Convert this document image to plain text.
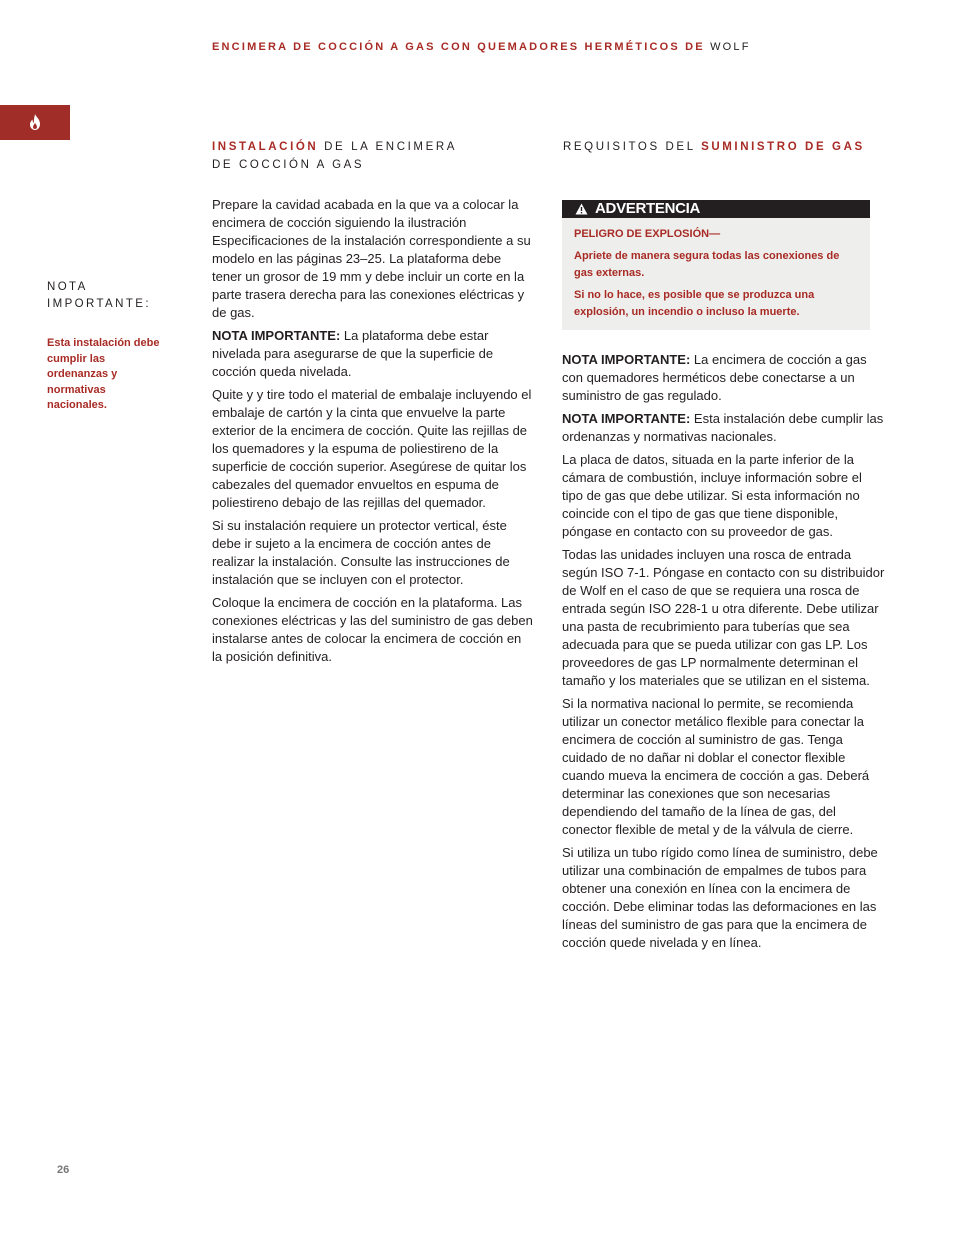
ENCIMERA DE COCCIÓN A GAS CON QUEMADORES HERMÉTICOS DE WOLF
INSTALACIÓN DE LA ENCIMERA
DE COCCIÓN A GAS
REQUISITOS DEL SUMINISTRO DE GAS
NOTA
IMPORTANTE:
Esta instalación debe cumplir las ordenanzas y normativas nacionales.

Prepare la cavidad acabada en la que va a colocar la encimera de cocción siguiendo la ilustración Especificaciones de la instalación correspondiente a su modelo en las páginas 23–25. La plataforma debe tener un grosor de 19 mm y debe incluir un corte en la parte trasera derecha para las conexiones eléctricas y de gas.

NOTA IMPORTANTE: La plataforma debe estar nivelada para asegurarse de que la superficie de cocción queda nivelada.

Quite y y tire todo el material de embalaje incluyendo el embalaje de cartón y la cinta que envuelve la parte exterior de la encimera de cocción. Quite las rejillas de los quemadores y la espuma de poliestireno de la superficie de cocción superior. Asegúrese de quitar los cabezales del quemador envueltos en espuma de poliestireno debajo de las rejillas del quemador.

Si su instalación requiere un protector vertical, éste debe ir sujeto a la encimera de cocción antes de realizar la instalación. Consulte las instrucciones de instalación que se incluyen con el protector.

Coloque la encimera de cocción en la plataforma. Las conexiones eléctricas y las del suministro de gas deben instalarse antes de colocar la encimera de cocción en la posición definitiva.

ADVERTENCIA

PELIGRO DE EXPLOSIÓN—

Apriete de manera segura todas las conexiones de gas externas.

Si no lo hace, es posible que se produzca una explosión, un incendio o incluso la muerte.

NOTA IMPORTANTE: La encimera de cocción a gas con quemadores herméticos debe conectarse a un suministro de gas regulado.

NOTA IMPORTANTE: Esta instalación debe cumplir las ordenanzas y normativas nacionales.

La placa de datos, situada en la parte inferior de la cámara de combustión, incluye información sobre el tipo de gas que debe utilizar. Si esta información no coincide con el tipo de gas que tiene disponible, póngase en contacto con su proveedor de gas.

Todas las unidades incluyen una rosca de entrada según ISO 7-1. Póngase en contacto con su distribuidor de Wolf en el caso de que se requiera una rosca de entrada según ISO 228-1 u otra diferente. Debe utilizar una pasta de recubrimiento para tuberías que sea adecuada para que se pueda utilizar con gas LP. Los proveedores de gas LP normalmente determinan el tamaño y los materiales que se utilizan en el sistema.

Si la normativa nacional lo permite, se recomienda utilizar un conector metálico flexible para conectar la encimera de cocción al suministro de gas. Tenga cuidado de no dañar ni doblar el conector flexible cuando mueva la encimera de cocción a gas. Deberá determinar las conexiones que son necesarias dependiendo del tamaño de la línea de gas, del conector flexible de metal y de la válvula de cierre.

Si utiliza un tubo rígido como línea de suministro, debe utilizar una combinación de empalmes de tubos para obtener una conexión en línea con la encimera de cocción. Debe eliminar todas las deformaciones en las líneas del suministro de gas para que la encimera de cocción quede nivelada y en línea.

26
